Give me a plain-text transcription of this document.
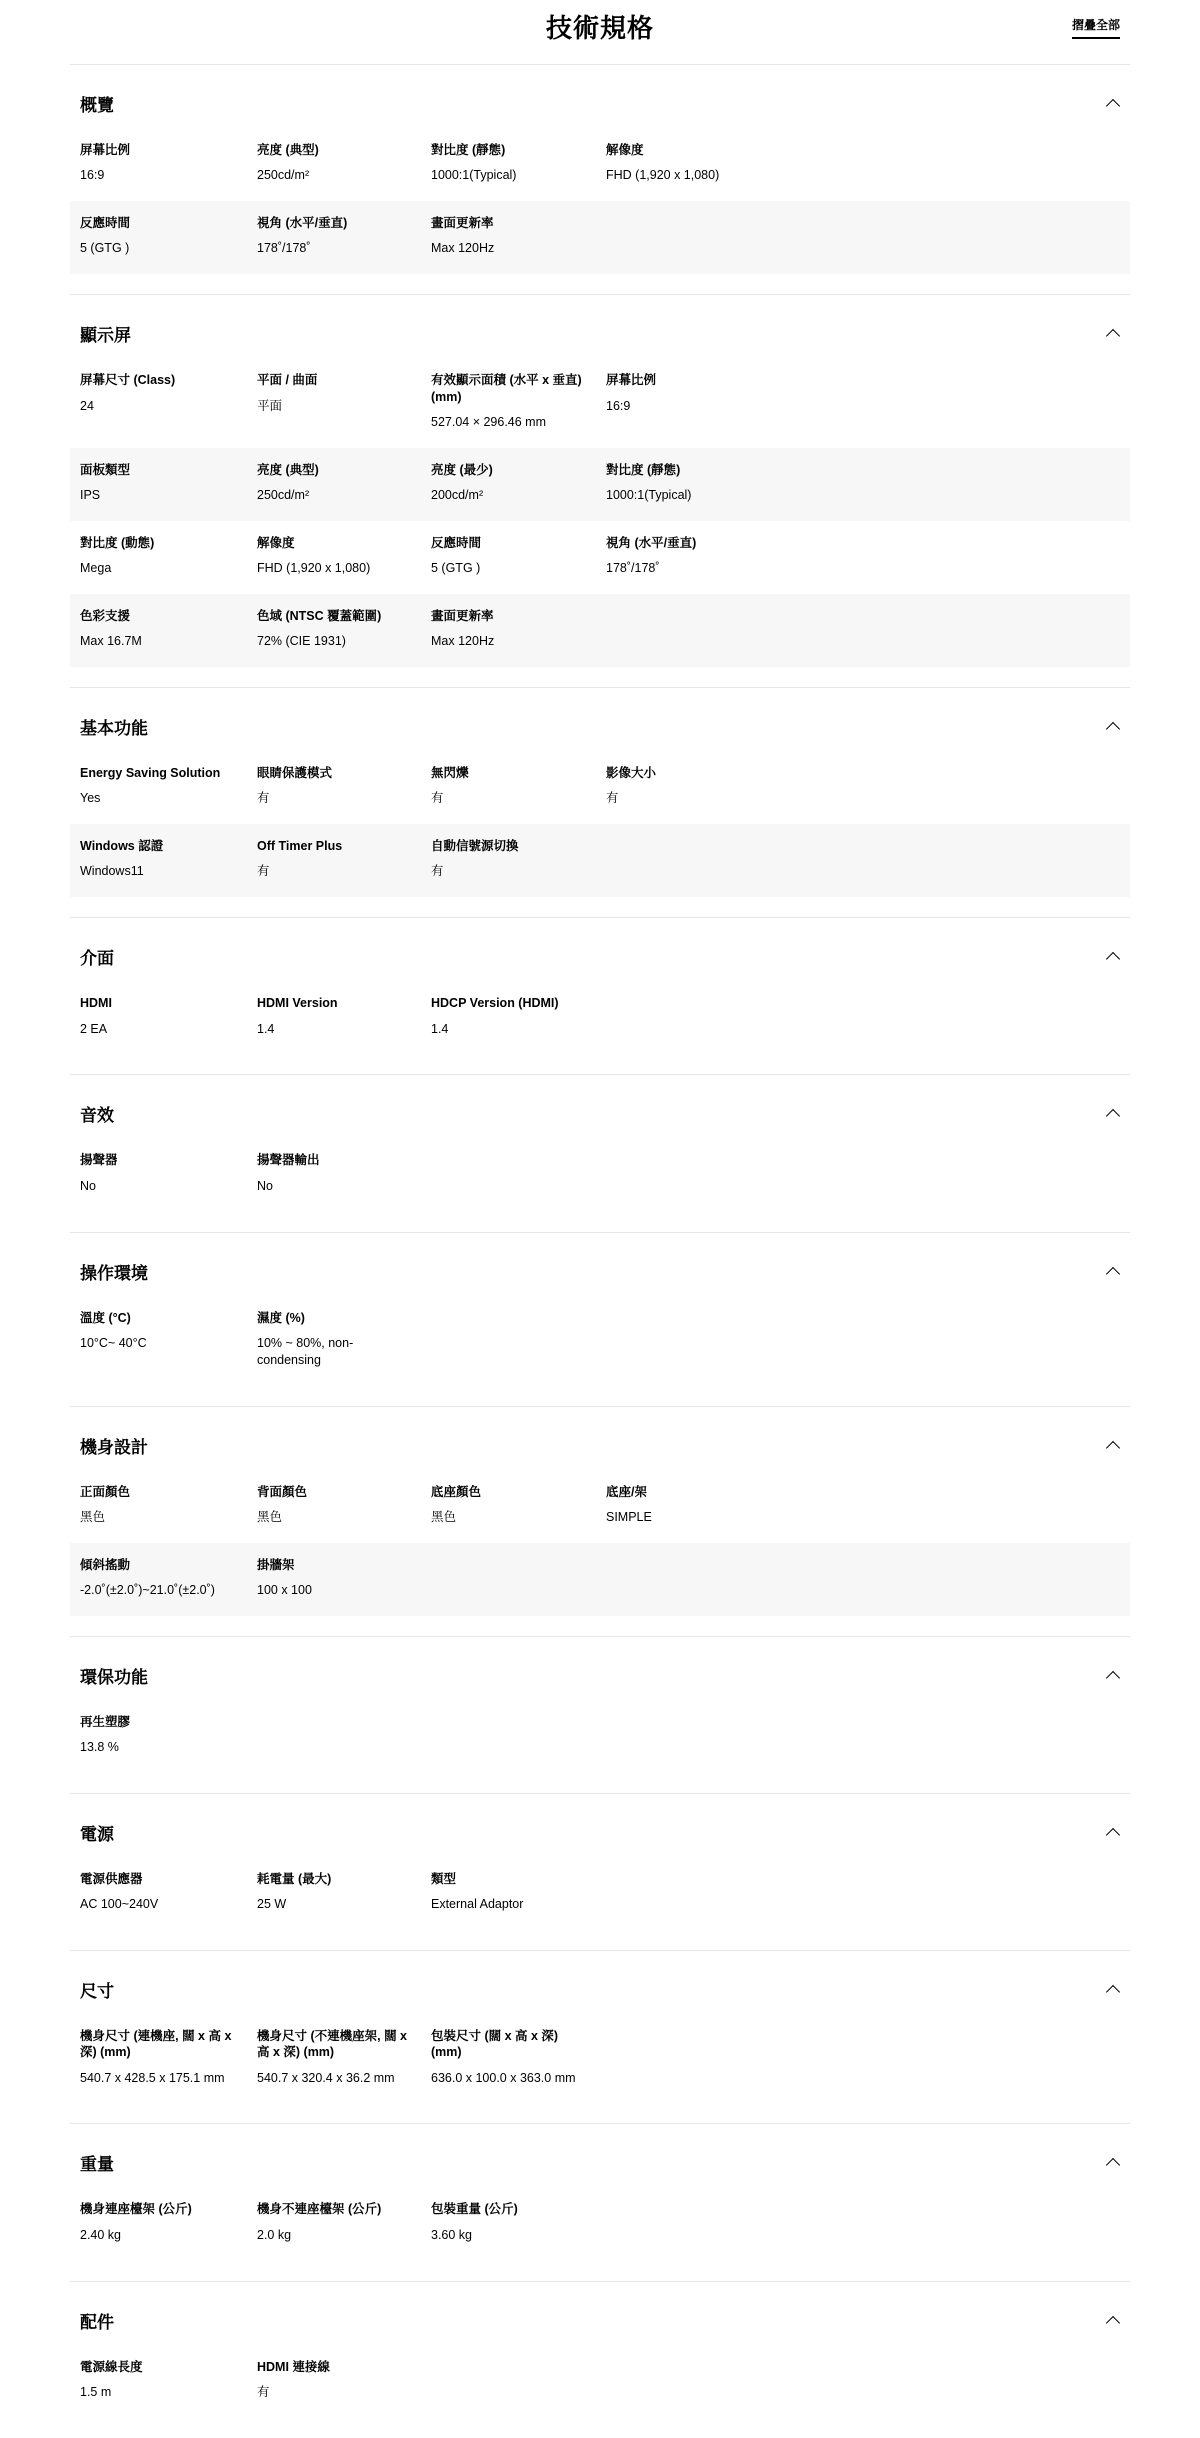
技術規格	摺疊全部
概覽
屏幕比例
16:9
亮度 (典型)
250cd/m²
對比度 (靜態)
1000:1(Typical)
解像度
FHD (1,920 x 1,080)
反應時間
5 (GTG )
視角 (水平/垂直)
178˚/178˚
畫面更新率
Max 120Hz
顯示屏
屏幕尺寸 (Class)
24
平面 / 曲面
平面
有效顯示面積 (水平 x 垂直) (mm)
527.04 × 296.46 mm
屏幕比例
16:9
面板類型
IPS
亮度 (典型)
250cd/m²
亮度 (最少)
200cd/m²
對比度 (靜態)
1000:1(Typical)
對比度 (動態)
Mega
解像度
FHD (1,920 x 1,080)
反應時間
5 (GTG )
視角 (水平/垂直)
178˚/178˚
色彩支援
Max 16.7M
色域 (NTSC 覆蓋範圍)
72% (CIE 1931)
畫面更新率
Max 120Hz
基本功能
Energy Saving Solution
Yes
眼睛保護模式
有
無閃爍
有
影像大小
有
Windows 認證
Windows11
Off Timer Plus
有
自動信號源切換
有
介面
HDMI
2 EA
HDMI Version
1.4
HDCP Version (HDMI)
1.4
音效
揚聲器
No
揚聲器輸出
No
操作環境
溫度 (°C)
10°C~ 40°C
濕度 (%)
10% ~ 80%, non-condensing
機身設計
正面顏色
黑色
背面顏色
黑色
底座顏色
黑色
底座/架
SIMPLE
傾斜搖動
-2.0˚(±2.0˚)~21.0˚(±2.0˚)
掛牆架
100 x 100
環保功能
再生塑膠
13.8 %
電源
電源供應器
AC 100~240V
耗電量 (最大)
25 W
類型
External Adaptor
尺寸
機身尺寸 (連機座, 闊 x 高 x 深) (mm)
540.7 x 428.5 x 175.1 mm
機身尺寸 (不連機座架, 闊 x 高 x 深) (mm)
540.7 x 320.4 x 36.2 mm
包裝尺寸 (闊 x 高 x 深) (mm)
636.0 x 100.0 x 363.0 mm
重量
機身連座檯架 (公斤)
2.40 kg
機身不連座檯架 (公斤)
2.0 kg
包裝重量 (公斤)
3.60 kg
配件
電源線長度
1.5 m
HDMI 連接線
有
